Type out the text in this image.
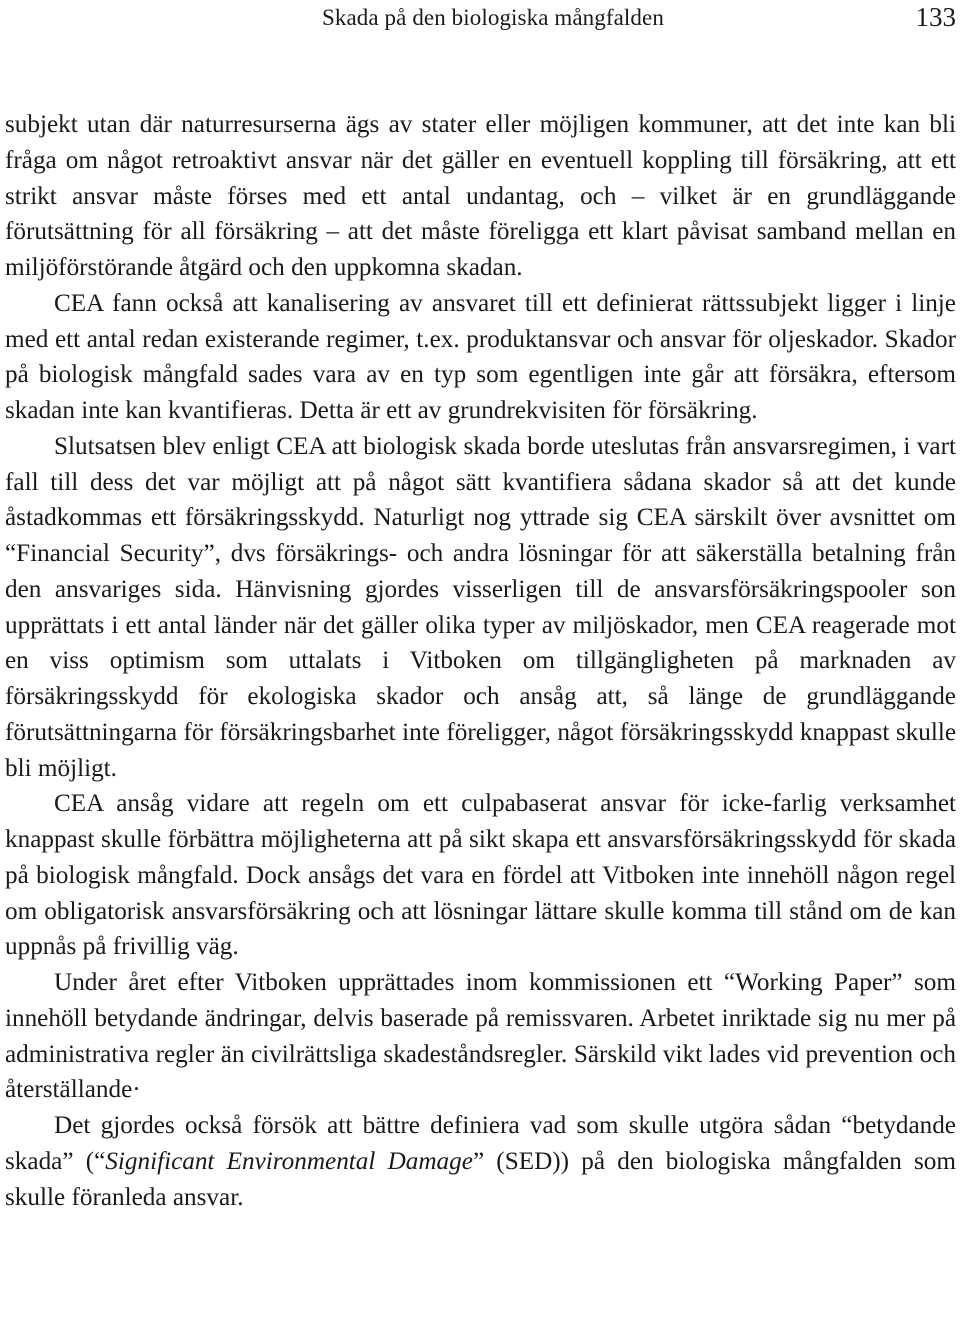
Skada på den biologiska mångfalden	133

subjekt utan där naturresurserna ägs av stater eller möjligen kommuner, att det inte kan bli fråga om något retroaktivt ansvar när det gäller en eventuell koppling till försäkring, att ett strikt ansvar måste förses med ett antal undantag, och – vilket är en grundläggande förutsättning för all försäkring – att det måste föreligga ett klart påvisat samband mellan en miljöförstörande åtgärd och den uppkomna skadan.

CEA fann också att kanalisering av ansvaret till ett definierat rättssubjekt ligger i linje med ett antal redan existerande regimer, t.ex. produktansvar och ansvar för oljeskador. Skador på biologisk mångfald sades vara av en typ som egentligen inte går att försäkra, eftersom skadan inte kan kvantifieras. Detta är ett av grundrekvisiten för försäkring.

Slutsatsen blev enligt CEA att biologisk skada borde uteslutas från ansvarsregimen, i vart fall till dess det var möjligt att på något sätt kvantifiera sådana skador så att det kunde åstadkommas ett försäkringsskydd. Naturligt nog yttrade sig CEA särskilt över avsnittet om “Financial Security”, dvs försäkrings- och andra lösningar för att säkerställa betalning från den ansvariges sida. Hänvisning gjordes visserligen till de ansvarsförsäkringspooler son upprättats i ett antal länder när det gäller olika typer av miljöskador, men CEA reagerade mot en viss optimism som uttalats i Vitboken om tillgängligheten på marknaden av försäkringsskydd för ekologiska skador och ansåg att, så länge de grundläggande förutsättningarna för försäkringsbarhet inte föreligger, något försäkringsskydd knappast skulle bli möjligt.

CEA ansåg vidare att regeln om ett culpabaserat ansvar för icke-farlig verksamhet knappast skulle förbättra möjligheterna att på sikt skapa ett ansvarsförsäkringsskydd för skada på biologisk mångfald. Dock ansågs det vara en fördel att Vitboken inte innehöll någon regel om obligatorisk ansvarsförsäkring och att lösningar lättare skulle komma till stånd om de kan uppnås på frivillig väg.

Under året efter Vitboken upprättades inom kommissionen ett “Working Paper” som innehöll betydande ändringar, delvis baserade på remissvaren. Arbetet inriktade sig nu mer på administrativa regler än civilrättsliga skadeståndsregler. Särskild vikt lades vid prevention och återställande·

Det gjordes också försök att bättre definiera vad som skulle utgöra sådan “betydande skada” (“Significant Environmental Damage” (SED)) på den biologiska mångfalden som skulle föranleda ansvar.
